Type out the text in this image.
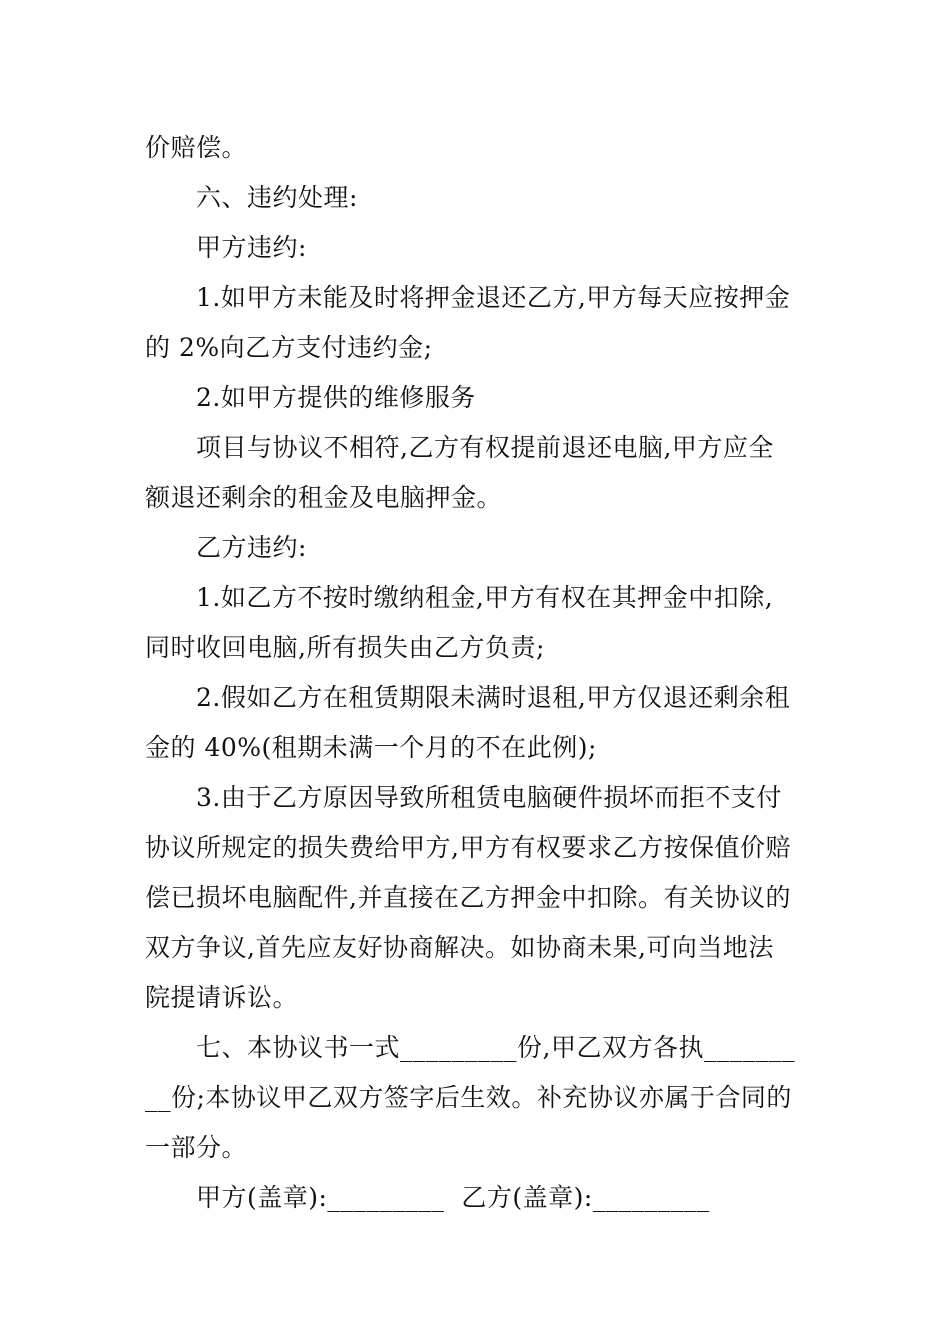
价赔偿。
六、违约处理:
甲方违约:
1.如甲方未能及时将押金退还乙方,甲方每天应按押金
的 2%向乙方支付违约金;
2.如甲方提供的维修服务
项目与协议不相符,乙方有权提前退还电脑,甲方应全
额退还剩余的租金及电脑押金。
乙方违约:
1.如乙方不按时缴纳租金,甲方有权在其押金中扣除,
同时收回电脑,所有损失由乙方负责;
2.假如乙方在租赁期限未满时退租,甲方仅退还剩余租
金的 40%(租期未满一个月的不在此例);
3.由于乙方原因导致所租赁电脑硬件损坏而拒不支付
协议所规定的损失费给甲方,甲方有权要求乙方按保值价赔
偿已损坏电脑配件,并直接在乙方押金中扣除。有关协议的
双方争议,首先应友好协商解决。如协商未果,可向当地法
院提请诉讼。
七、本协议书一式_________份,甲乙双方各执_______
__份;本协议甲乙双方签字后生效。补充协议亦属于合同的
一部分。
甲方(盖章):_________  乙方(盖章):_________
